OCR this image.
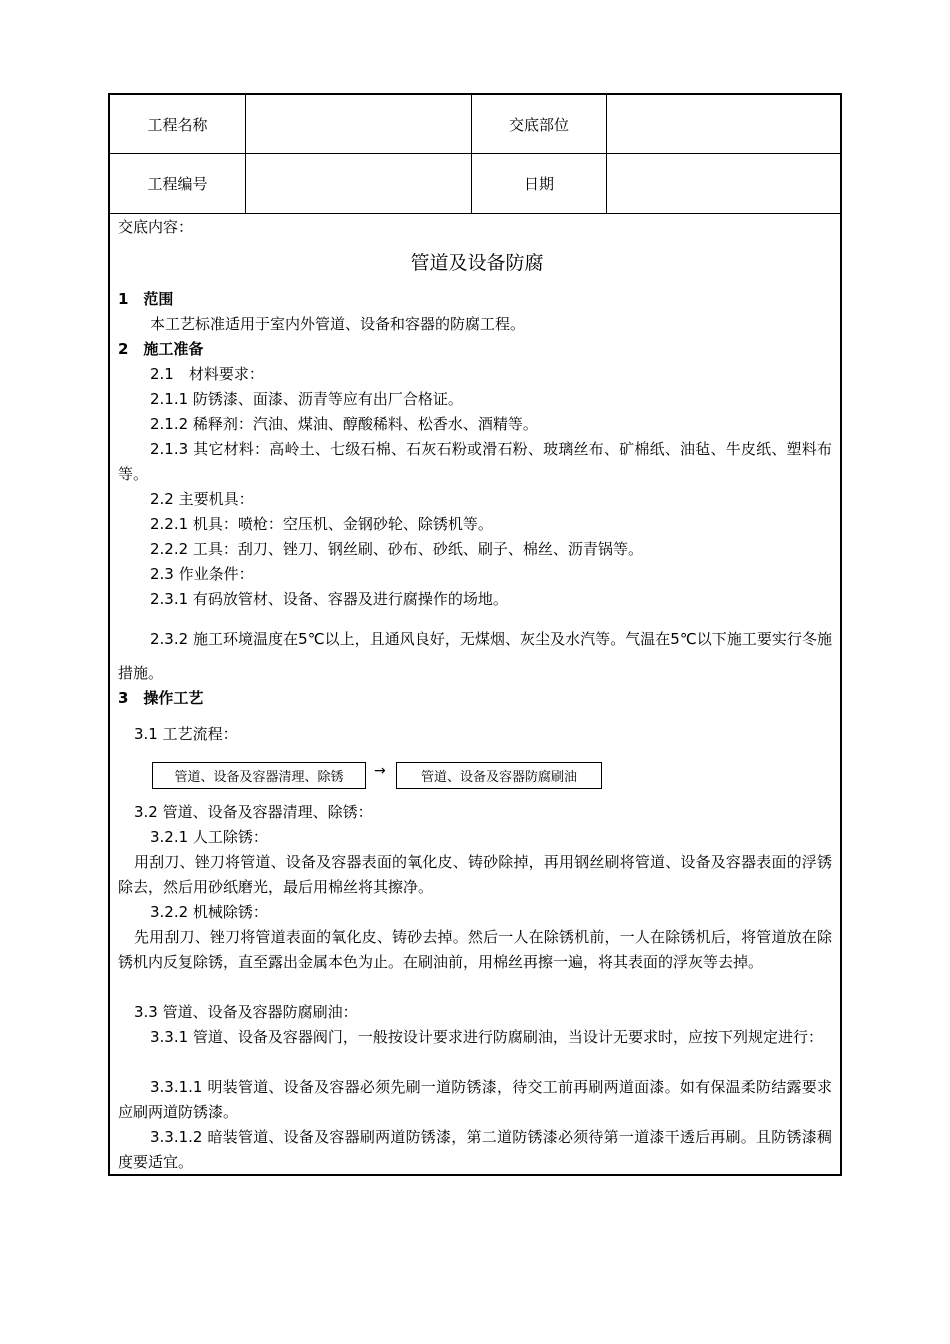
工程名称	交底部位
工程编号	日期
交底内容：
管道及设备防腐
1　范围
本工艺标准适用于室内外管道、设备和容器的防腐工程。
2　施工准备
2.1　材料要求：
2.1.1 防锈漆、面漆、沥青等应有出厂合格证。
2.1.2 稀释剂：汽油、煤油、醇酸稀料、松香水、酒精等。
2.1.3 其它材料：高岭土、七级石棉、石灰石粉或滑石粉、玻璃丝布、矿棉纸、油毡、牛皮纸、塑料布等。
2.2 主要机具：
2.2.1 机具：喷枪：空压机、金钢砂轮、除锈机等。
2.2.2 工具：刮刀、锉刀、钢丝刷、砂布、砂纸、刷子、棉丝、沥青锅等。
2.3 作业条件：
2.3.1 有码放管材、设备、容器及进行腐操作的场地。
2.3.2 施工环境温度在5℃以上，且通风良好，无煤烟、灰尘及水汽等。气温在5℃以下施工要实行冬施措施。
3　操作工艺
3.1 工艺流程：
管道、设备及容器清理、除锈	→	管道、设备及容器防腐刷油
3.2 管道、设备及容器清理、除锈：
3.2.1 人工除锈：
用刮刀、锉刀将管道、设备及容器表面的氧化皮、铸砂除掉，再用钢丝刷将管道、设备及容器表面的浮锈除去，然后用砂纸磨光，最后用棉丝将其擦净。
3.2.2 机械除锈：
先用刮刀、锉刀将管道表面的氧化皮、铸砂去掉。然后一人在除锈机前，一人在除锈机后，将管道放在除锈机内反复除锈，直至露出金属本色为止。在刷油前，用棉丝再擦一遍，将其表面的浮灰等去掉。
3.3 管道、设备及容器防腐刷油：
3.3.1 管道、设备及容器阀门，一般按设计要求进行防腐刷油，当设计无要求时，应按下列规定进行：
3.3.1.1 明装管道、设备及容器必须先刷一道防锈漆，待交工前再刷两道面漆。如有保温柔防结露要求应刷两道防锈漆。
3.3.1.2 暗装管道、设备及容器刷两道防锈漆，第二道防锈漆必须待第一道漆干透后再刷。且防锈漆稠度要适宜。
